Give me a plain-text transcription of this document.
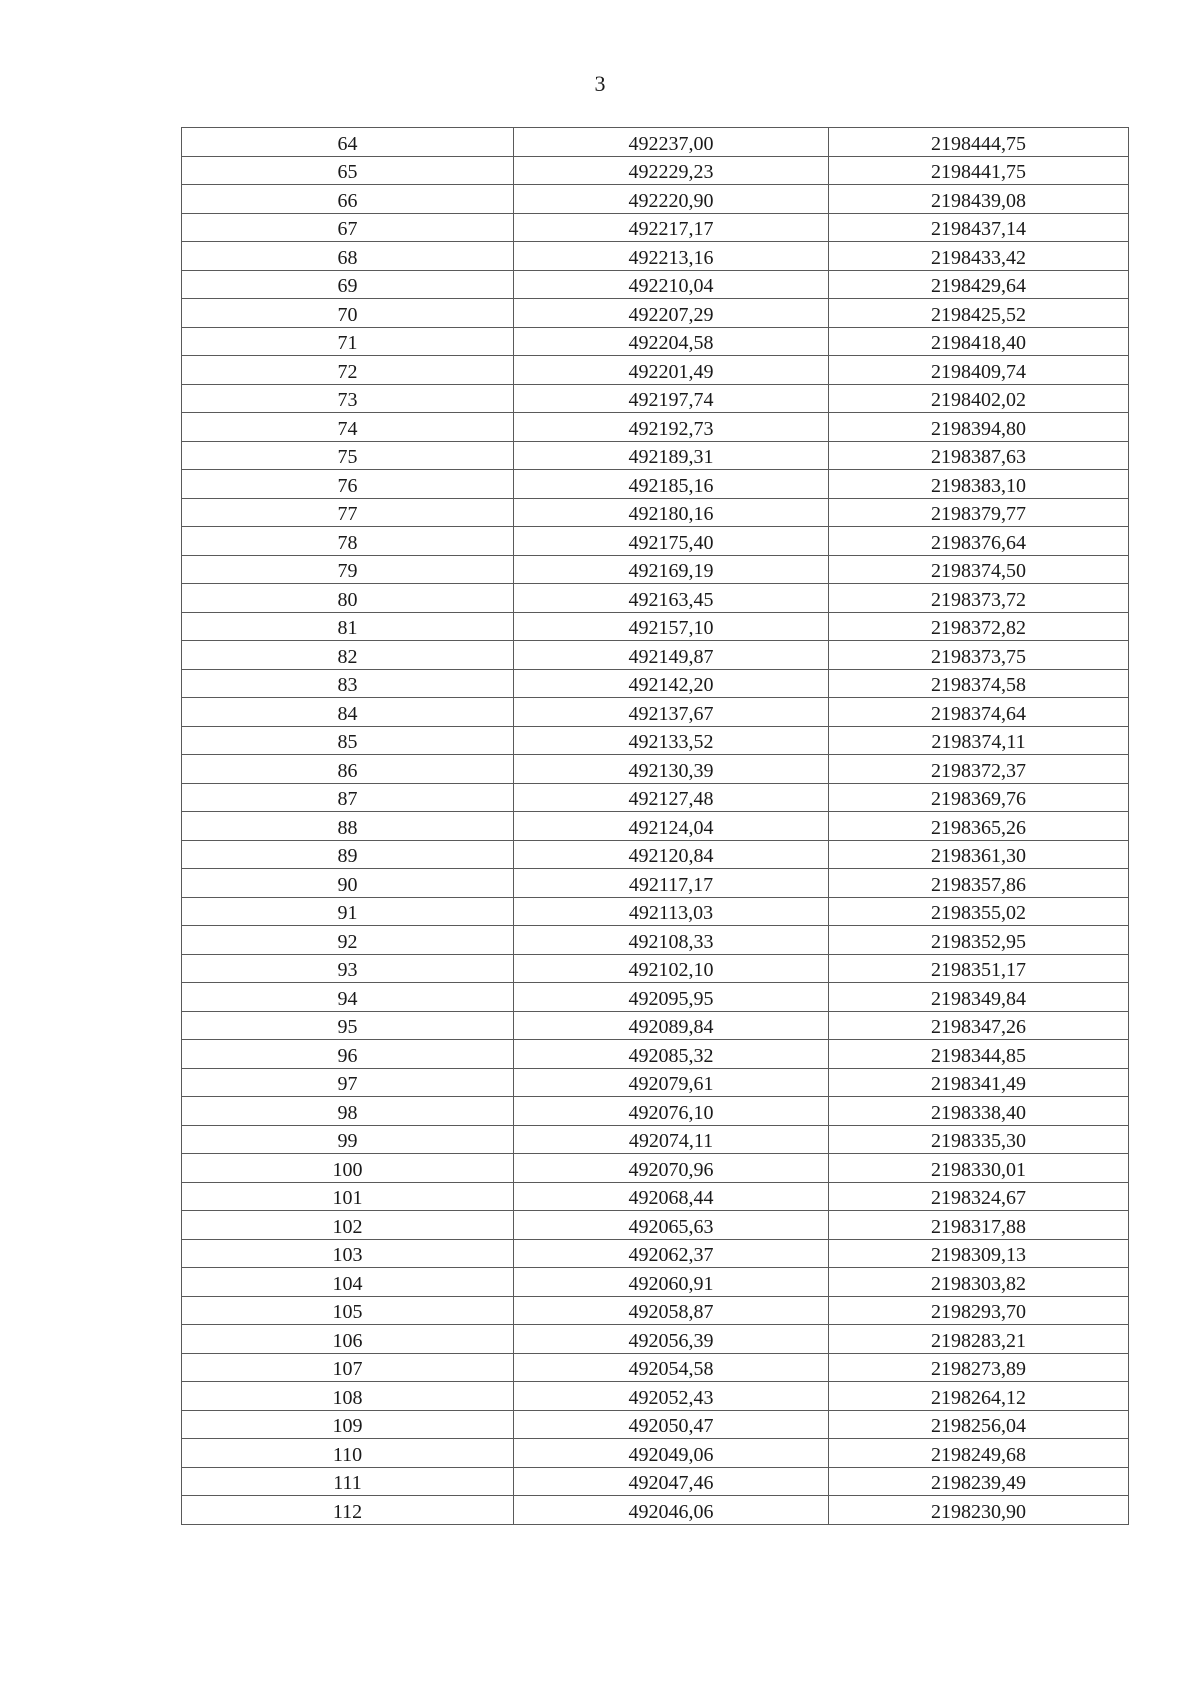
3
64	492237,00	2198444,75
65	492229,23	2198441,75
66	492220,90	2198439,08
67	492217,17	2198437,14
68	492213,16	2198433,42
69	492210,04	2198429,64
70	492207,29	2198425,52
71	492204,58	2198418,40
72	492201,49	2198409,74
73	492197,74	2198402,02
74	492192,73	2198394,80
75	492189,31	2198387,63
76	492185,16	2198383,10
77	492180,16	2198379,77
78	492175,40	2198376,64
79	492169,19	2198374,50
80	492163,45	2198373,72
81	492157,10	2198372,82
82	492149,87	2198373,75
83	492142,20	2198374,58
84	492137,67	2198374,64
85	492133,52	2198374,11
86	492130,39	2198372,37
87	492127,48	2198369,76
88	492124,04	2198365,26
89	492120,84	2198361,30
90	492117,17	2198357,86
91	492113,03	2198355,02
92	492108,33	2198352,95
93	492102,10	2198351,17
94	492095,95	2198349,84
95	492089,84	2198347,26
96	492085,32	2198344,85
97	492079,61	2198341,49
98	492076,10	2198338,40
99	492074,11	2198335,30
100	492070,96	2198330,01
101	492068,44	2198324,67
102	492065,63	2198317,88
103	492062,37	2198309,13
104	492060,91	2198303,82
105	492058,87	2198293,70
106	492056,39	2198283,21
107	492054,58	2198273,89
108	492052,43	2198264,12
109	492050,47	2198256,04
110	492049,06	2198249,68
111	492047,46	2198239,49
112	492046,06	2198230,90
